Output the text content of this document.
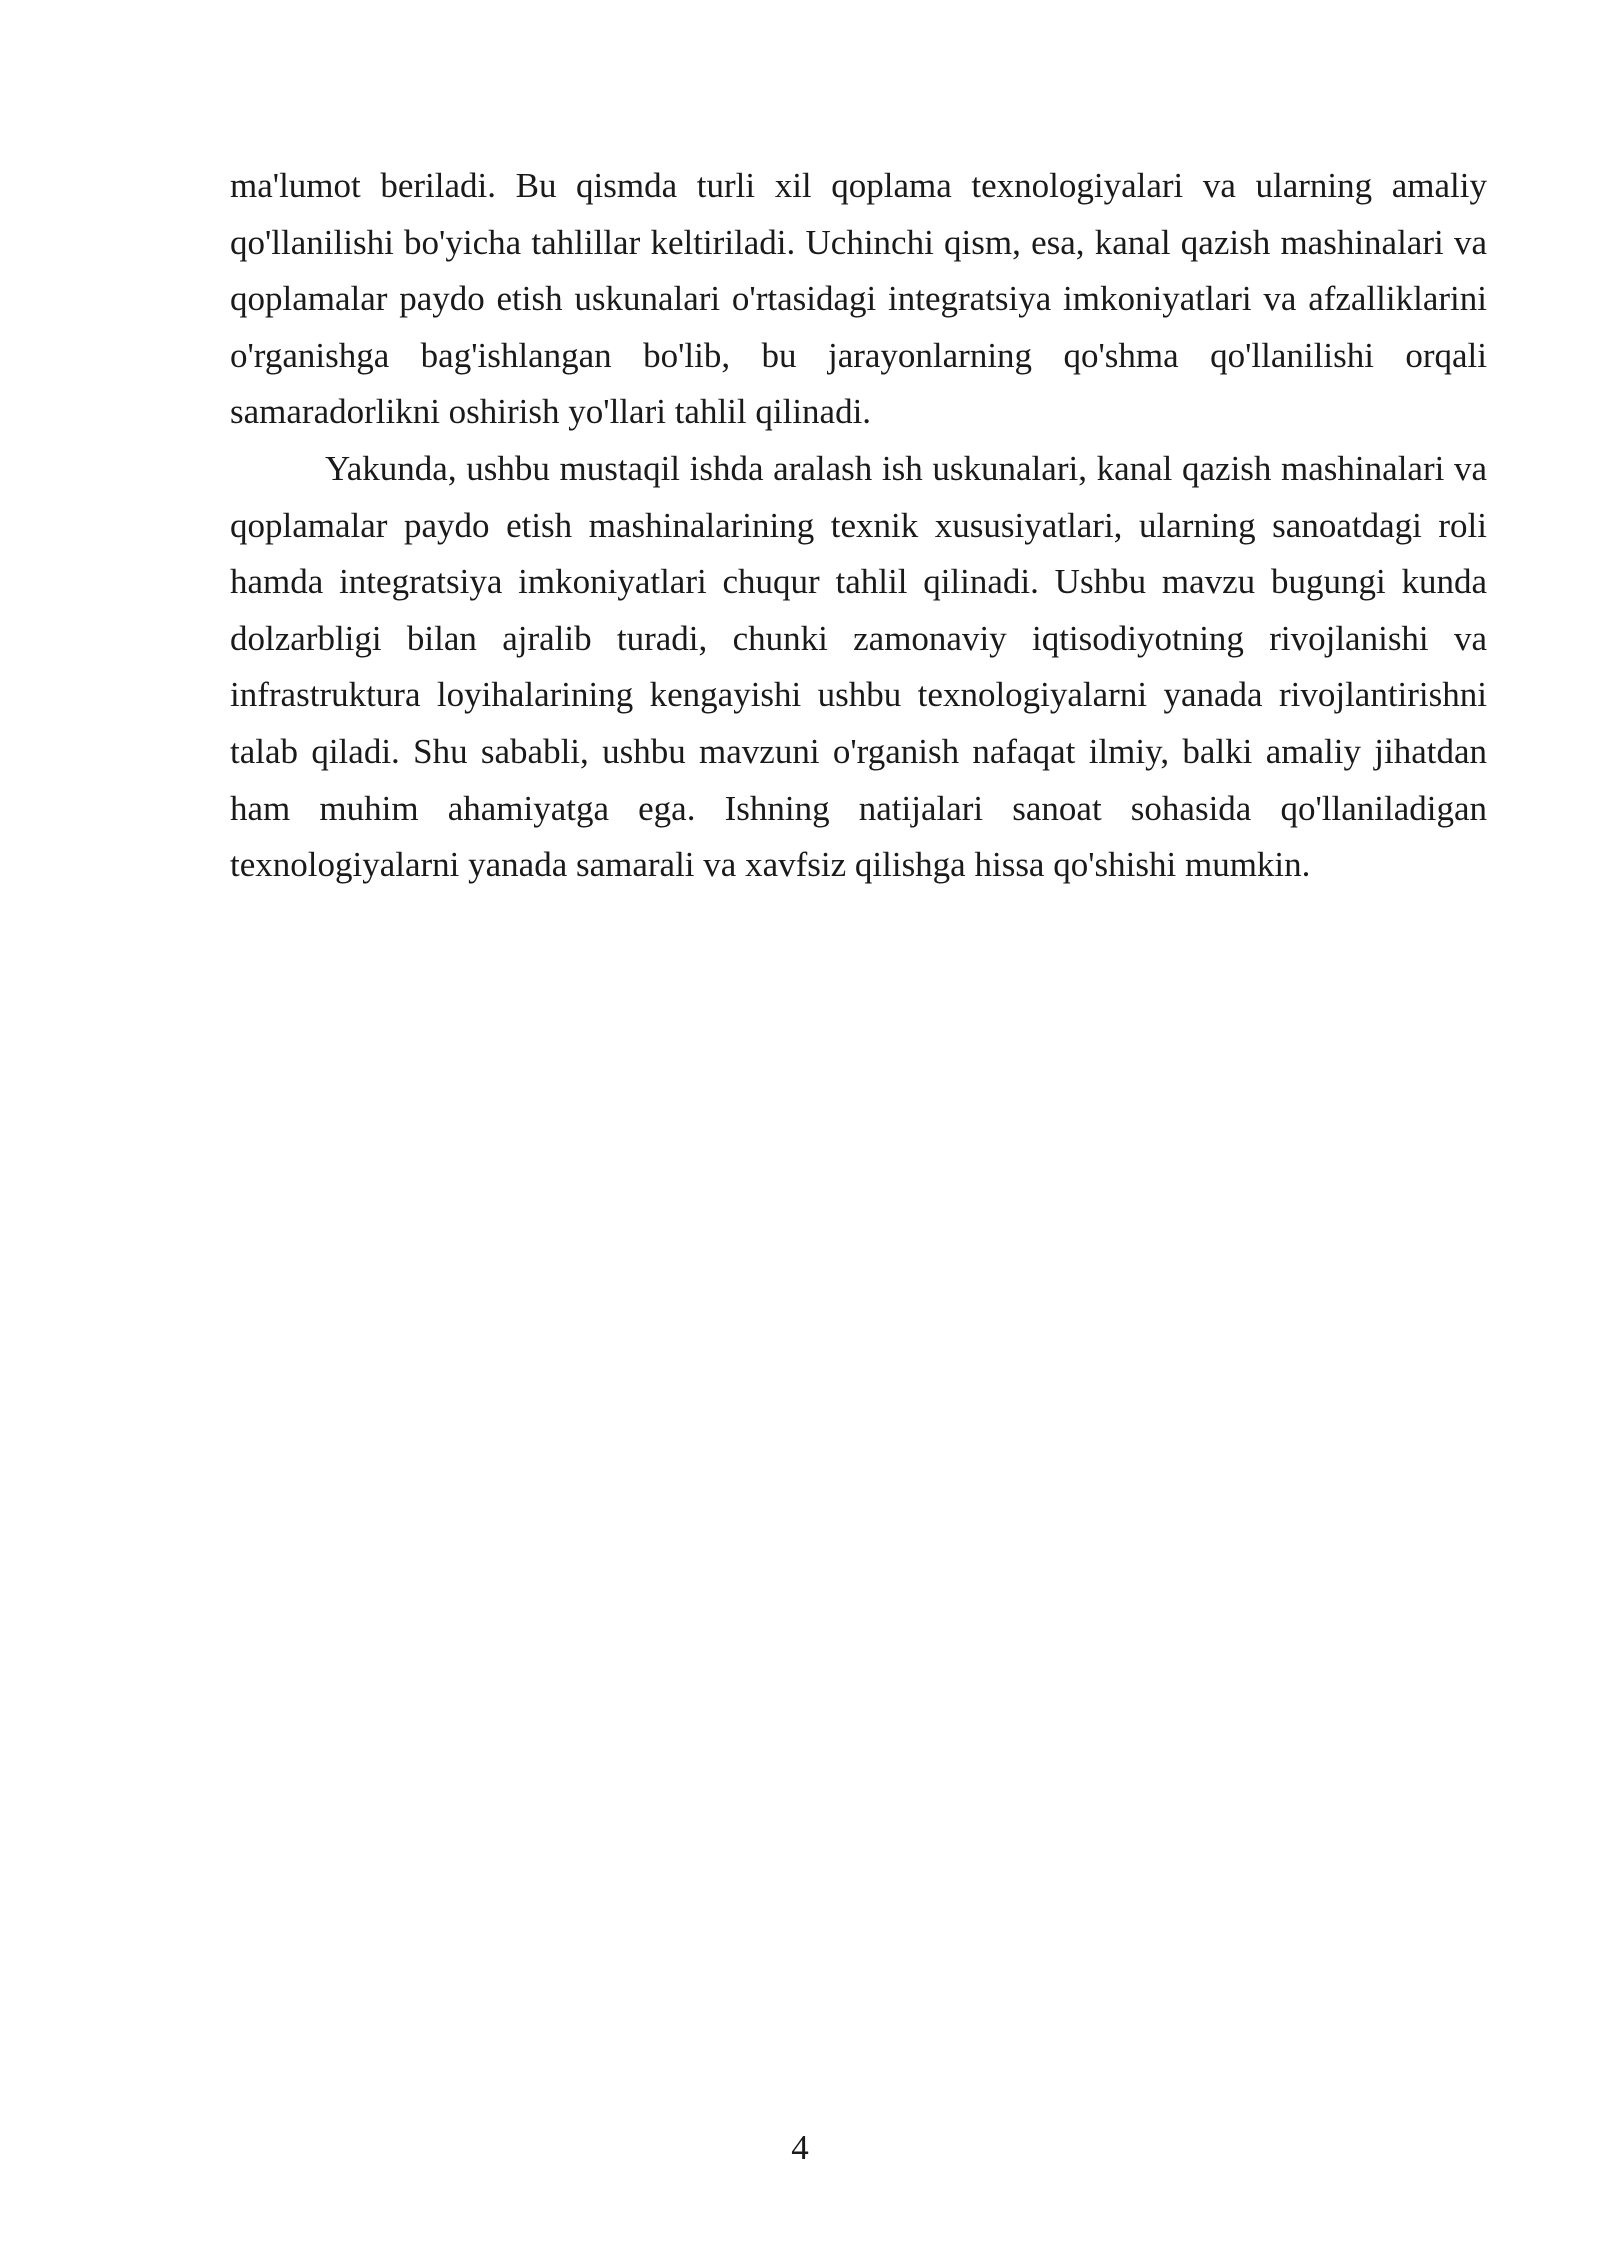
ma'lumot beriladi. Bu qismda turli xil qoplama texnologiyalari va ularning amaliy qo'llanilishi bo'yicha tahlillar keltiriladi. Uchinchi qism, esa, kanal qazish mashinalari va qoplamalar paydo etish uskunalari o'rtasidagi integratsiya imkoniyatlari va afzalliklarini o'rganishga bag'ishlangan bo'lib, bu jarayonlarning qo'shma qo'llanilishi orqali samaradorlikni oshirish yo'llari tahlil qilinadi.

Yakunda, ushbu mustaqil ishda aralash ish uskunalari, kanal qazish mashinalari va qoplamalar paydo etish mashinalarining texnik xususiyatlari, ularning sanoatdagi roli hamda integratsiya imkoniyatlari chuqur tahlil qilinadi. Ushbu mavzu bugungi kunda dolzarbligi bilan ajralib turadi, chunki zamonaviy iqtisodiyotning rivojlanishi va infrastruktura loyihalarining kengayishi ushbu texnologiyalarni yanada rivojlantirishni talab qiladi. Shu sababli, ushbu mavzuni o'rganish nafaqat ilmiy, balki amaliy jihatdan ham muhim ahamiyatga ega. Ishning natijalari sanoat sohasida qo'llaniladigan texnologiyalarni yanada samarali va xavfsiz qilishga hissa qo'shishi mumkin.

4
